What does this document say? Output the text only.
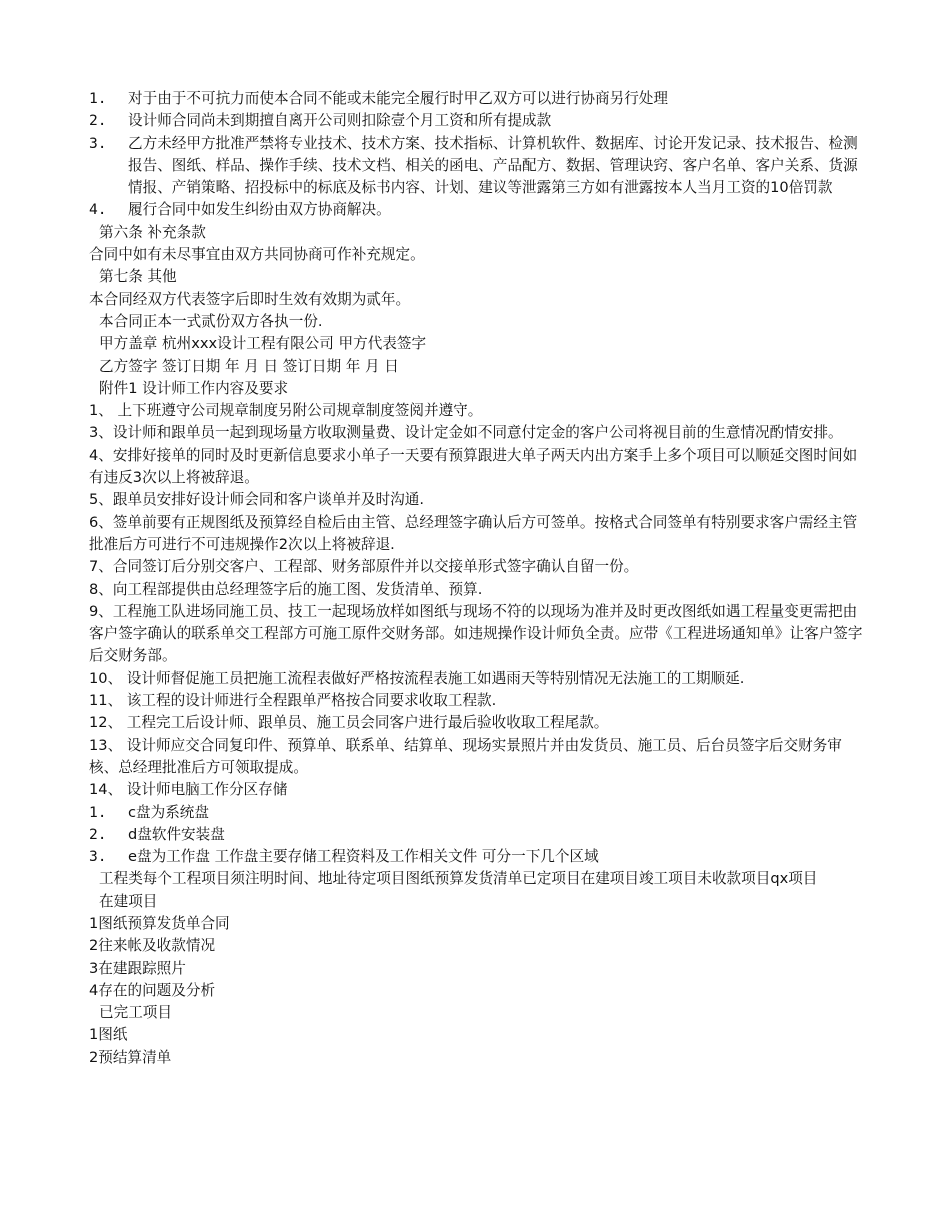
1.	对于由于不可抗力而使本合同不能或未能完全履行时甲乙双方可以进行协商另行处理
2.	设计师合同尚未到期擅自离开公司则扣除壹个月工资和所有提成款
3.	乙方未经甲方批准严禁将专业技术、技术方案、技术指标、计算机软件、数据库、讨论开发记录、技术报告、检测报告、图纸、样品、操作手续、技术文档、相关的函电、产品配方、数据、管理诀窍、客户名单、客户关系、货源情报、产销策略、招投标中的标底及标书内容、计划、建议等泄露第三方如有泄露按本人当月工资的10倍罚款
4.	履行合同中如发生纠纷由双方协商解决。

第六条 补充条款

合同中如有未尽事宜由双方共同协商可作补充规定。

第七条 其他

本合同经双方代表签字后即时生效有效期为贰年。

本合同正本一式贰份双方各执一份.

甲方盖章 杭州xxx设计工程有限公司 甲方代表签字

乙方签字 签订日期 年 月 日 签订日期 年 月 日

附件1 设计师工作内容及要求

1、 上下班遵守公司规章制度另附公司规章制度签阅并遵守。

3、设计师和跟单员一起到现场量方收取测量费、设计定金如不同意付定金的客户公司将视目前的生意情况酌情安排。

4、安排好接单的同时及时更新信息要求小单子一天要有预算跟进大单子两天内出方案手上多个项目可以顺延交图时间如有违反3次以上将被辞退。

5、跟单员安排好设计师会同和客户谈单并及时沟通.

6、签单前要有正规图纸及预算经自检后由主管、总经理签字确认后方可签单。按格式合同签单有特别要求客户需经主管批准后方可进行不可违规操作2次以上将被辞退.

7、合同签订后分别交客户、工程部、财务部原件并以交接单形式签字确认自留一份。

8、向工程部提供由总经理签字后的施工图、发货清单、预算.

9、工程施工队进场同施工员、技工一起现场放样如图纸与现场不符的以现场为准并及时更改图纸如遇工程量变更需把由客户签字确认的联系单交工程部方可施工原件交财务部。如违规操作设计师负全责。应带《工程进场通知单》让客户签字后交财务部。

10、 设计师督促施工员把施工流程表做好严格按流程表施工如遇雨天等特别情况无法施工的工期顺延.

11、 该工程的设计师进行全程跟单严格按合同要求收取工程款.

12、 工程完工后设计师、跟单员、施工员会同客户进行最后验收收取工程尾款。

13、 设计师应交合同复印件、预算单、联系单、结算单、现场实景照片并由发货员、施工员、后台员签字后交财务审核、总经理批准后方可领取提成。

14、 设计师电脑工作分区存储

1.	c盘为系统盘
2.	d盘软件安装盘
3.	e盘为工作盘 工作盘主要存储工程资料及工作相关文件 可分一下几个区域

工程类每个工程项目须注明时间、地址待定项目图纸预算发货清单已定项目在建项目竣工项目未收款项目qx项目

在建项目

1图纸预算发货单合同

2往来帐及收款情况

3在建跟踪照片

4存在的问题及分析

已完工项目

1图纸

2预结算清单
